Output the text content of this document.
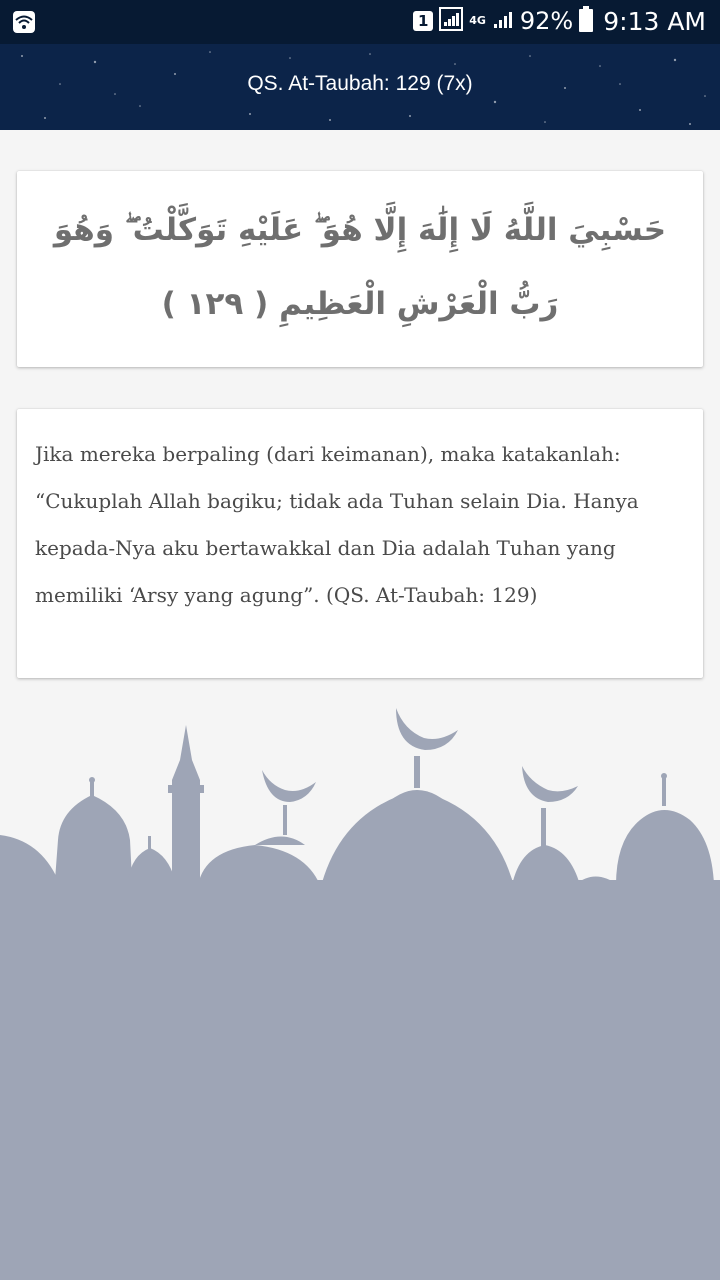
1	4G 92% 9:13 AM
QS. At-Taubah: 129 (7x)
حَسْبِيَ اللَّهُ لَا إِلَٰهَ إِلَّا هُوَ ۖ عَلَيْهِ تَوَكَّلْتُ ۖ وَهُوَ رَبُّ الْعَرْشِ الْعَظِيمِ ( ١٢٩ )
Jika mereka berpaling (dari keimanan), maka katakanlah: “Cukuplah Allah bagiku; tidak ada Tuhan selain Dia. Hanya kepada-Nya aku bertawakkal dan Dia adalah Tuhan yang memiliki ‘Arsy yang agung”. (QS. At-Taubah: 129)
